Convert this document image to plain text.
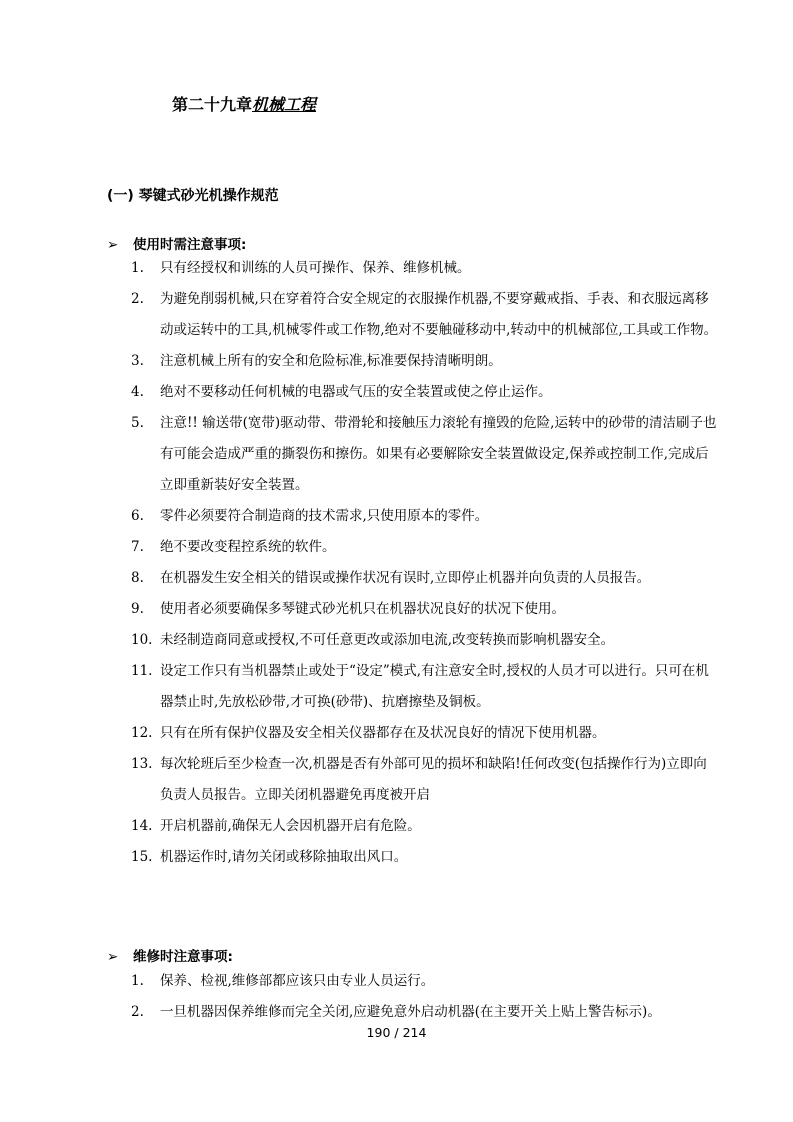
第二十九章机械工程
(一) 琴键式砂光机操作规范
➢ 使用时需注意事项:
1.	只有经授权和训练的人员可操作、保养、维修机械。
2.	为避免削弱机械,只在穿着符合安全规定的衣服操作机器,不要穿戴戒指、手表、和衣服远离移动或运转中的工具,机械零件或工作物,绝对不要触碰移动中,转动中的机械部位,工具或工作物。
3.	注意机械上所有的安全和危险标准,标准要保持清晰明朗。
4.	绝对不要移动任何机械的电器或气压的安全装置或使之停止运作。
5.	注意!! 输送带(宽带)驱动带、带滑轮和接触压力滚轮有撞毁的危险,运转中的砂带的清洁刷子也有可能会造成严重的撕裂伤和擦伤。如果有必要解除安全装置做设定,保养或控制工作,完成后立即重新装好安全装置。
6.	零件必须要符合制造商的技术需求,只使用原本的零件。
7.	绝不要改变程控系统的软件。
8.	在机器发生安全相关的错误或操作状况有误时,立即停止机器并向负责的人员报告。
9.	使用者必须要确保多琴键式砂光机只在机器状况良好的状况下使用。
10. 未经制造商同意或授权,不可任意更改或添加电流,改变转换而影响机器安全。
11. 设定工作只有当机器禁止或处于“设定”模式,有注意安全时,授权的人员才可以进行。只可在机器禁止时,先放松砂带,才可换(砂带)、抗磨擦垫及铜板。
12. 只有在所有保护仪器及安全相关仪器都存在及状况良好的情况下使用机器。
13. 每次轮班后至少检查一次,机器是否有外部可见的损坏和缺陷!任何改变(包括操作行为)立即向负责人员报告。立即关闭机器避免再度被开启
14. 开启机器前,确保无人会因机器开启有危险。
15. 机器运作时,请勿关闭或移除抽取出风口。
➢ 维修时注意事项:
1.	保养、检视,维修部都应该只由专业人员运行。
2.	一旦机器因保养维修而完全关闭,应避免意外启动机器(在主要开关上贴上警告标示)。
190 / 214
